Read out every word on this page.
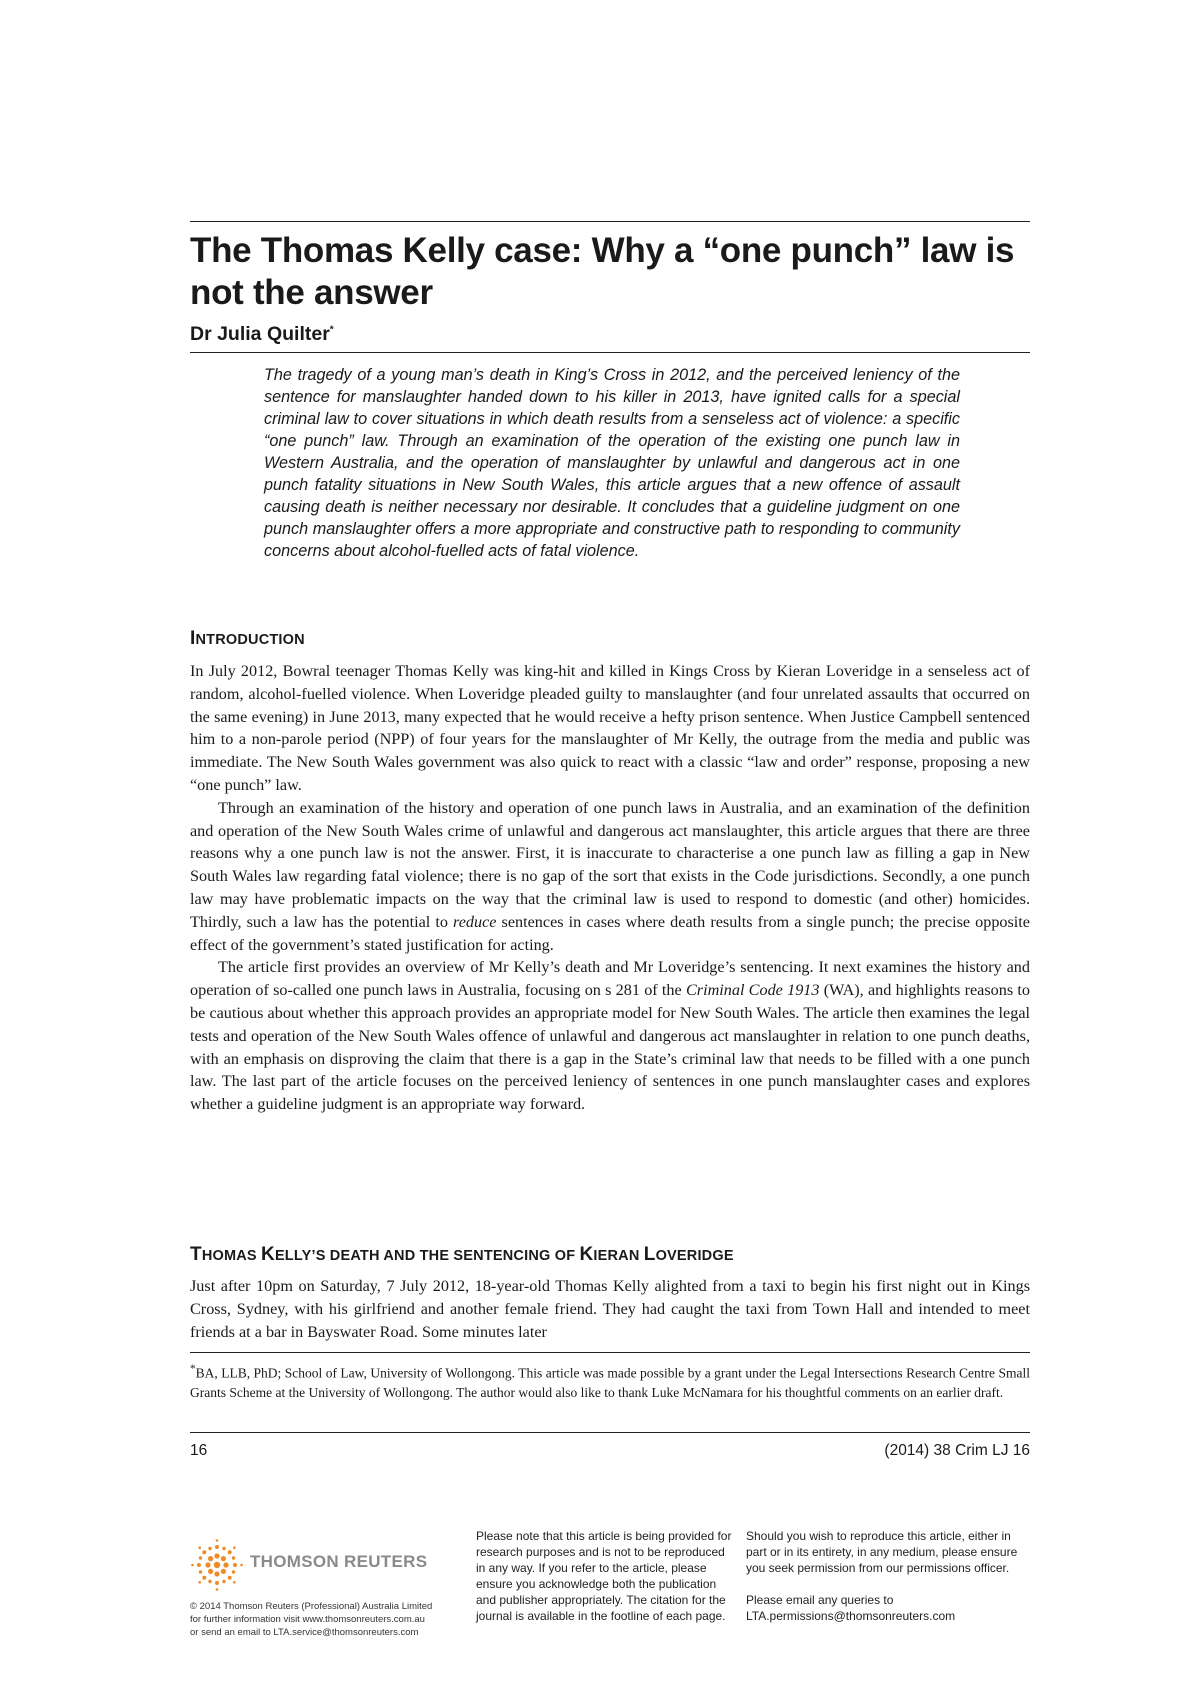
The Thomas Kelly case: Why a “one punch” law is not the answer

Dr Julia Quilter*

The tragedy of a young man’s death in King’s Cross in 2012, and the perceived leniency of the sentence for manslaughter handed down to his killer in 2013, have ignited calls for a special criminal law to cover situations in which death results from a senseless act of violence: a specific “one punch” law. Through an examination of the operation of the existing one punch law in Western Australia, and the operation of manslaughter by unlawful and dangerous act in one punch fatality situations in New South Wales, this article argues that a new offence of assault causing death is neither necessary nor desirable. It concludes that a guideline judgment on one punch manslaughter offers a more appropriate and constructive path to responding to community concerns about alcohol-fuelled acts of fatal violence.

INTRODUCTION

In July 2012, Bowral teenager Thomas Kelly was king-hit and killed in Kings Cross by Kieran Loveridge in a senseless act of random, alcohol-fuelled violence. When Loveridge pleaded guilty to manslaughter (and four unrelated assaults that occurred on the same evening) in June 2013, many expected that he would receive a hefty prison sentence. When Justice Campbell sentenced him to a non-parole period (NPP) of four years for the manslaughter of Mr Kelly, the outrage from the media and public was immediate. The New South Wales government was also quick to react with a classic “law and order” response, proposing a new “one punch” law.

Through an examination of the history and operation of one punch laws in Australia, and an examination of the definition and operation of the New South Wales crime of unlawful and dangerous act manslaughter, this article argues that there are three reasons why a one punch law is not the answer. First, it is inaccurate to characterise a one punch law as filling a gap in New South Wales law regarding fatal violence; there is no gap of the sort that exists in the Code jurisdictions. Secondly, a one punch law may have problematic impacts on the way that the criminal law is used to respond to domestic (and other) homicides. Thirdly, such a law has the potential to reduce sentences in cases where death results from a single punch; the precise opposite effect of the government’s stated justification for acting.

The article first provides an overview of Mr Kelly’s death and Mr Loveridge’s sentencing. It next examines the history and operation of so-called one punch laws in Australia, focusing on s 281 of the Criminal Code 1913 (WA), and highlights reasons to be cautious about whether this approach provides an appropriate model for New South Wales. The article then examines the legal tests and operation of the New South Wales offence of unlawful and dangerous act manslaughter in relation to one punch deaths, with an emphasis on disproving the claim that there is a gap in the State’s criminal law that needs to be filled with a one punch law. The last part of the article focuses on the perceived leniency of sentences in one punch manslaughter cases and explores whether a guideline judgment is an appropriate way forward.

THOMAS KELLY’S DEATH AND THE SENTENCING OF KIERAN LOVERIDGE

Just after 10pm on Saturday, 7 July 2012, 18-year-old Thomas Kelly alighted from a taxi to begin his first night out in Kings Cross, Sydney, with his girlfriend and another female friend. They had caught the taxi from Town Hall and intended to meet friends at a bar in Bayswater Road. Some minutes later

*BA, LLB, PhD; School of Law, University of Wollongong. This article was made possible by a grant under the Legal Intersections Research Centre Small Grants Scheme at the University of Wollongong. The author would also like to thank Luke McNamara for his thoughtful comments on an earlier draft.

16	(2014) 38 Crim LJ 16
THOMSON REUTERS
© 2014 Thomson Reuters (Professional) Australia Limited
for further information visit www.thomsonreuters.com.au
or send an email to LTA.service@thomsonreuters.com

Please note that this article is being provided for research purposes and is not to be reproduced in any way. If you refer to the article, please ensure you acknowledge both the publication and publisher appropriately. The citation for the journal is available in the footline of each page.

Should you wish to reproduce this article, either in part or in its entirety, in any medium, please ensure you seek permission from our permissions officer.

Please email any queries to LTA.permissions@thomsonreuters.com
